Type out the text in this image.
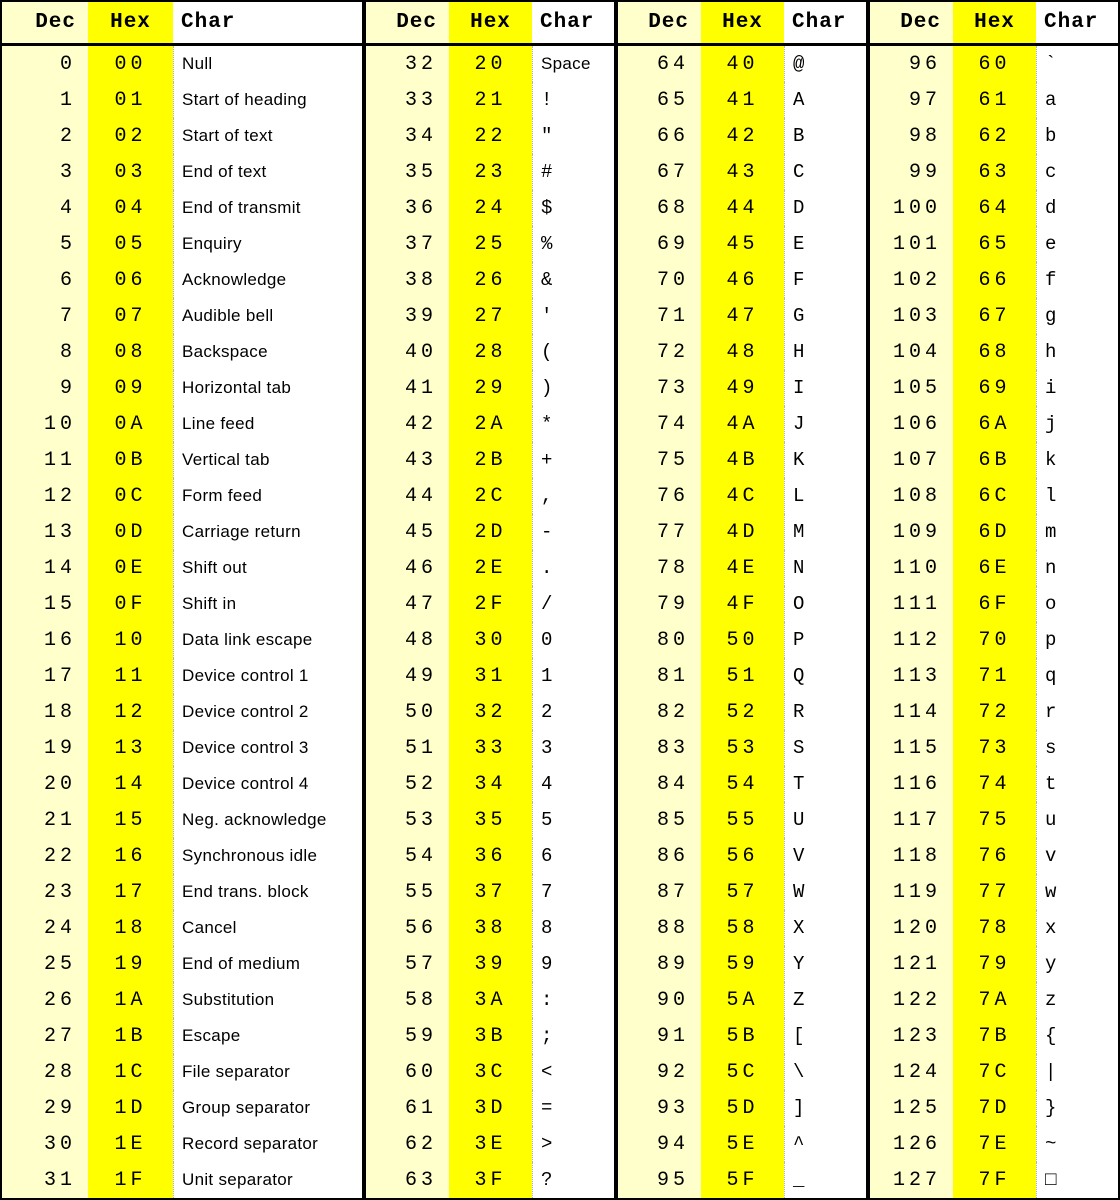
Dec	Hex	Char
0	00	Null
1	01	Start of heading
2	02	Start of text
3	03	End of text
4	04	End of transmit
5	05	Enquiry
6	06	Acknowledge
7	07	Audible bell
8	08	Backspace
9	09	Horizontal tab
10	0A	Line feed
11	0B	Vertical tab
12	0C	Form feed
13	0D	Carriage return
14	0E	Shift out
15	0F	Shift in
16	10	Data link escape
17	11	Device control 1
18	12	Device control 2
19	13	Device control 3
20	14	Device control 4
21	15	Neg. acknowledge
22	16	Synchronous idle
23	17	End trans. block
24	18	Cancel
25	19	End of medium
26	1A	Substitution
27	1B	Escape
28	1C	File separator
29	1D	Group separator
30	1E	Record separator
31	1F	Unit separator
Dec	Hex	Char
32	20	Space
33	21	!
34	22	"
35	23	#
36	24	$
37	25	%
38	26	&
39	27	'
40	28	(
41	29	)
42	2A	*
43	2B	+
44	2C	,
45	2D	-
46	2E	.
47	2F	/
48	30	0
49	31	1
50	32	2
51	33	3
52	34	4
53	35	5
54	36	6
55	37	7
56	38	8
57	39	9
58	3A	:
59	3B	;
60	3C	<
61	3D	=
62	3E	>
63	3F	?
Dec	Hex	Char
64	40	@
65	41	A
66	42	B
67	43	C
68	44	D
69	45	E
70	46	F
71	47	G
72	48	H
73	49	I
74	4A	J
75	4B	K
76	4C	L
77	4D	M
78	4E	N
79	4F	O
80	50	P
81	51	Q
82	52	R
83	53	S
84	54	T
85	55	U
86	56	V
87	57	W
88	58	X
89	59	Y
90	5A	Z
91	5B	[
92	5C	\
93	5D	]
94	5E	^
95	5F	_
Dec	Hex	Char
96	60	`
97	61	a
98	62	b
99	63	c
100	64	d
101	65	e
102	66	f
103	67	g
104	68	h
105	69	i
106	6A	j
107	6B	k
108	6C	l
109	6D	m
110	6E	n
111	6F	o
112	70	p
113	71	q
114	72	r
115	73	s
116	74	t
117	75	u
118	76	v
119	77	w
120	78	x
121	79	y
122	7A	z
123	7B	{
124	7C	|
125	7D	}
126	7E	~
127	7F	□
